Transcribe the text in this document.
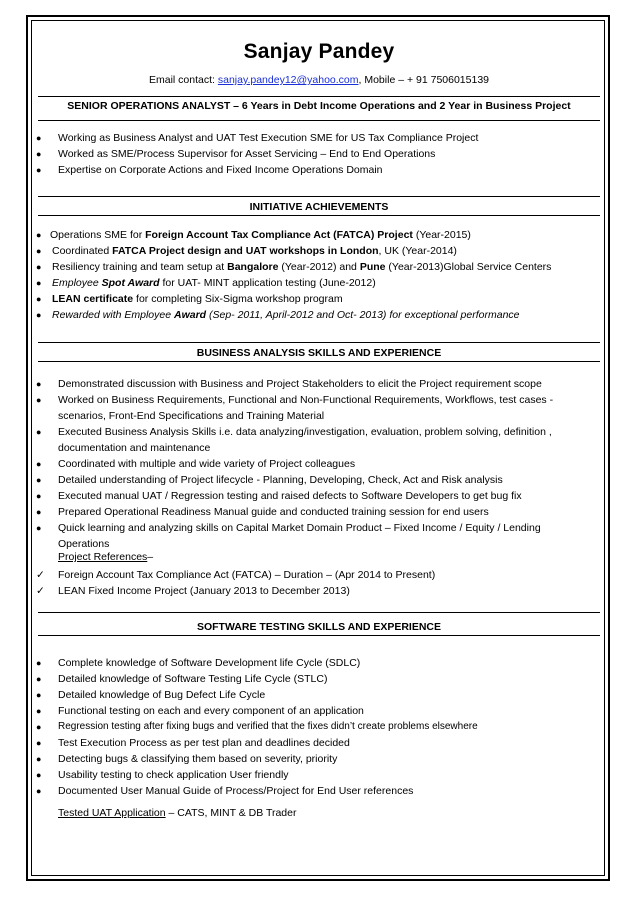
Sanjay Pandey
Email contact: sanjay.pandey12@yahoo.com, Mobile – + 91 7506015139
SENIOR OPERATIONS ANALYST – 6 Years in Debt Income Operations and 2 Year in Business Project
●	Working as Business Analyst and UAT Test Execution SME for US Tax Compliance Project
●	Worked as SME/Process Supervisor for Asset Servicing – End to End Operations
●	Expertise on Corporate Actions and Fixed Income Operations Domain
INITIATIVE ACHIEVEMENTS
● Operations SME for Foreign Account Tax Compliance Act (FATCA) Project (Year-2015)
●	Coordinated FATCA Project design and UAT workshops in London, UK (Year-2014)
●	Resiliency training and team setup at Bangalore (Year-2012) and Pune (Year-2013)Global Service Centers
●	Employee Spot Award for UAT- MINT application testing (June-2012)
●	LEAN certificate for completing Six-Sigma workshop program
●	Rewarded with Employee Award (Sep- 2011, April-2012 and Oct- 2013) for exceptional performance
BUSINESS ANALYSIS SKILLS AND EXPERIENCE
●	Demonstrated discussion with Business and Project Stakeholders to elicit the Project requirement scope
●	Worked on Business Requirements, Functional and Non-Functional Requirements, Workflows, test cases - scenarios, Front-End Specifications and Training Material
●	Executed Business Analysis Skills i.e. data analyzing/investigation, evaluation, problem solving, definition , documentation and maintenance
●	Coordinated with multiple and wide variety of Project colleagues
●	Detailed understanding of Project lifecycle - Planning, Developing, Check, Act and Risk analysis
●	Executed manual UAT / Regression testing and raised defects to Software Developers to get bug fix
●	Prepared Operational Readiness Manual guide and conducted training session for end users
●	Quick learning and analyzing skills on Capital Market Domain Product – Fixed Income / Equity / Lending Operations
Project References–
✓	Foreign Account Tax Compliance Act (FATCA) – Duration – (Apr 2014 to Present)
✓	LEAN Fixed Income Project (January 2013 to December 2013)
SOFTWARE TESTING SKILLS AND EXPERIENCE
●	Complete knowledge of Software Development life Cycle (SDLC)
●	Detailed knowledge of Software Testing Life Cycle (STLC)
●	Detailed knowledge of Bug Defect Life Cycle
●	Functional testing on each and every component of an application
●	Regression testing after fixing bugs and verified that the fixes didn’t create problems elsewhere
●	Test Execution Process as per test plan and deadlines decided
●	Detecting bugs & classifying them based on severity, priority
●	Usability testing to check application User friendly
●	Documented User Manual Guide of Process/Project for End User references
Tested UAT Application – CATS, MINT & DB Trader
